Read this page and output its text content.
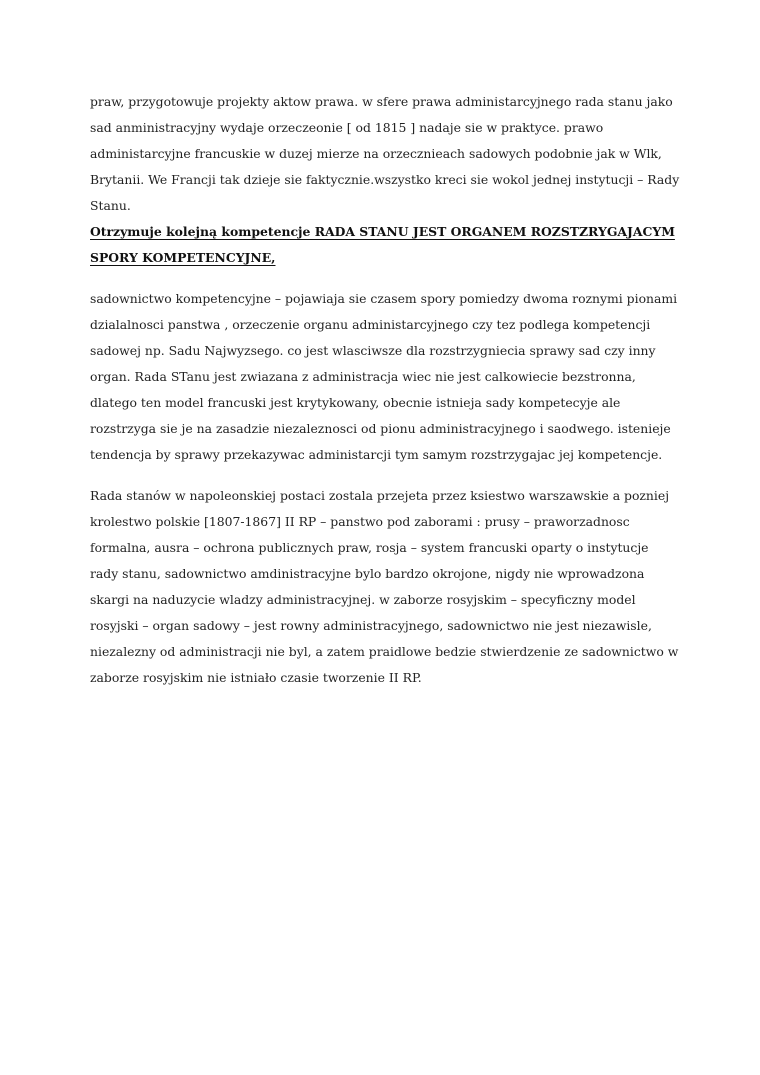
praw, przygotowuje projekty aktow prawa. w sfere prawa administarcyjnego rada stanu jako sad anministracyjny wydaje orzeczeonie [ od 1815 ] nadaje sie w praktyce. prawo administarcyjne francuskie w duzej mierze na orzecznieach sadowych podobnie jak w Wlk, Brytanii. We Francji tak dzieje sie faktycznie.wszystko kreci sie wokol jednej instytucji – Rady Stanu.

Otrzymuje kolejną kompetencje RADA STANU JEST ORGANEM ROZSTZRYGAJACYM SPORY KOMPETENCYJNE,

sadownictwo kompetencyjne – pojawiaja sie czasem spory pomiedzy dwoma roznymi pionami dzialalnosci panstwa , orzeczenie organu administarcyjnego czy tez podlega kompetencji sadowej np. Sadu Najwyzsego. co jest wlasciwsze dla rozstrzygniecia sprawy sad czy inny organ. Rada STanu jest zwiazana z administracja wiec nie jest calkowiecie bezstronna, dlatego ten model francuski jest krytykowany, obecnie istnieja sady kompetecyje ale rozstrzyga sie je na zasadzie niezaleznosci od pionu administracyjnego i saodwego. istenieje tendencja by sprawy przekazywac administarcji tym samym rozstrzygajac jej kompetencje.

Rada stanów w napoleonskiej postaci zostala przejeta przez ksiestwo warszawskie a pozniej krolestwo polskie [1807-1867] II RP – panstwo pod zaborami : prusy – praworzadnosc formalna, ausra – ochrona publicznych praw, rosja – system francuski oparty o instytucje rady stanu, sadownictwo amdinistracyjne bylo bardzo okrojone, nigdy nie wprowadzona skargi na naduzycie wladzy administracyjnej. w zaborze rosyjskim – specyficzny model rosyjski – organ sadowy – jest rowny administracyjnego, sadownictwo nie jest niezawisle, niezalezny od administracji nie byl, a zatem praidlowe bedzie stwierdzenie ze sadownictwo w zaborze rosyjskim nie istniało czasie tworzenie II RP.
